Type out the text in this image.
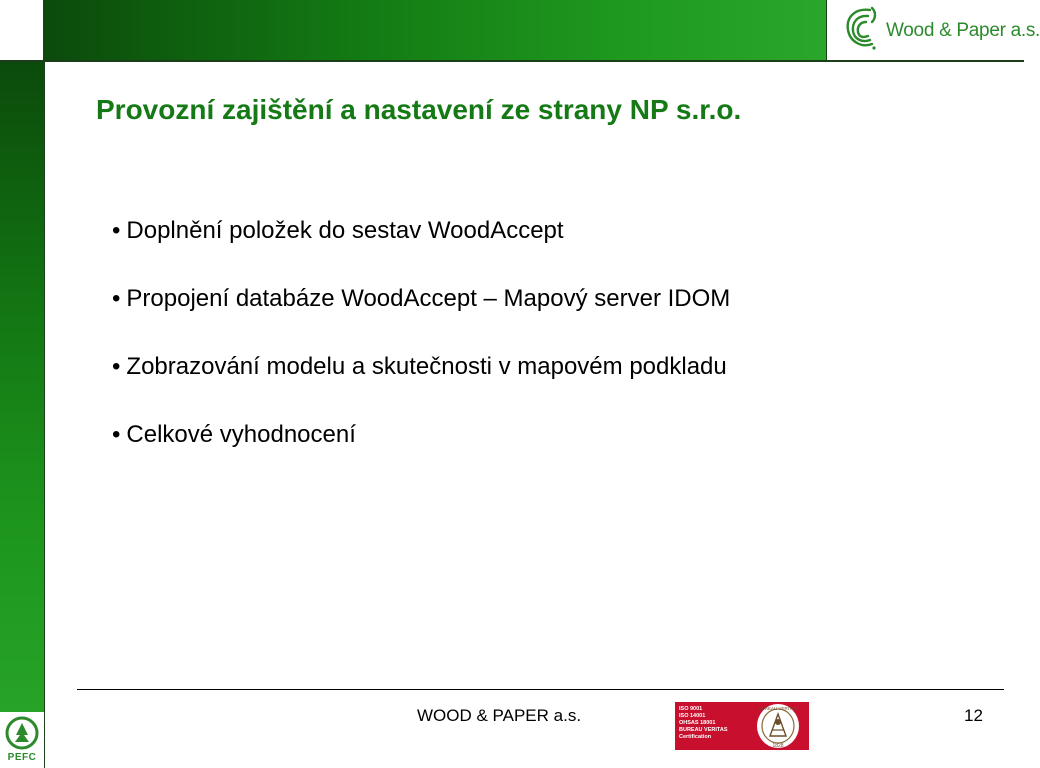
Wood & Paper a.s.
Provozní zajištění a nastavení ze strany NP s.r.o.
• Doplnění položek do sestav WoodAccept
• Propojení databáze WoodAccept – Mapový server IDOM
• Zobrazování modelu a skutečnosti v mapovém podkladu
• Celkové vyhodnocení
WOOD & PAPER a.s.	ISO 9001
ISO 14001
OHSAS 18001
BUREAU VERITAS
Certification
BUREAU VERITAS
1828
12
PEFC
